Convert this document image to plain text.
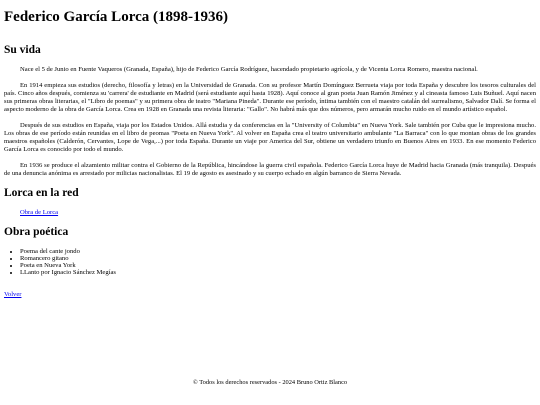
Federico García Lorca (1898-1936)
Su vida

Nace el 5 de Junio en Fuente Vaqueros (Granada, España), hijo de Federico García Rodríguez, hacendado propietario agrícola, y de Vicenta Lorca Romero, maestra nacional.

En 1914 empieza sus estudios (derecho, filosofía y letras) en la Universidad de Granada. Con su profesor Martín Domínguez Berrueta viaja por toda España y descubre los tesoros culturales del país. Cinco años después, comienza su 'carrera' de estudiante en Madrid (será estudiante aquí hasta 1928). Aquí conoce al gran poeta Juan Ramón Jiménez y al cineasta famoso Luis Buñuel. Aquí nacen sus primeras obras literarias, el "Libro de poemas" y su primera obra de teatro "Mariana Pineda". Durante ese período, íntima también con el maestro catalán del surrealismo, Salvador Dalí. Se forma el aspecto moderno de la obra de García Lorca. Crea en 1928 en Granada una revista literaria: "Gallo". No habrá más que dos números, pero armarán mucho ruido en el mundo artístico español.

Después de sus estudios en España, viaja por los Estados Unidos. Allá estudia y da conferencias en la "University of Columbia" en Nueva York. Sale también por Cuba que le impresiona mucho. Los obras de ese período están reunidas en el libro de peomas "Poeta en Nueva York". Al volver en España crea el teatro universitario ambulante "La Barraca" con lo que montan obras de los grandes maestros españoles (Calderón, Cervantes, Lope de Vega,...) por toda España. Durante un viaje por America del Sur, obtiene un verdadero triunfo en Buenos Aires en 1933. En ese momento Federico García Lorca es conocido por todo el mundo.

En 1936 se produce el alzamiento militar contra el Gobierno de la República, hincándose la guerra civil española. Federico García Lorca huye de Madrid hacia Granada (más tranquila). Después de una denuncia anónima es arrestado por milicias nacionalistas. El 19 de agosto es asesinado y su cuerpo echado en algún barranco de Sierra Nevada.

Lorca en la red
Obra de Lorca
Obra poética
• Poema del cante jondo
• Romancero gitano
• Poeta en Nueva York
• LLanto por Ignacio Sánchez Megías
Volver
© Todos los derechos reservados - 2024 Bruno Ortiz Blanco
